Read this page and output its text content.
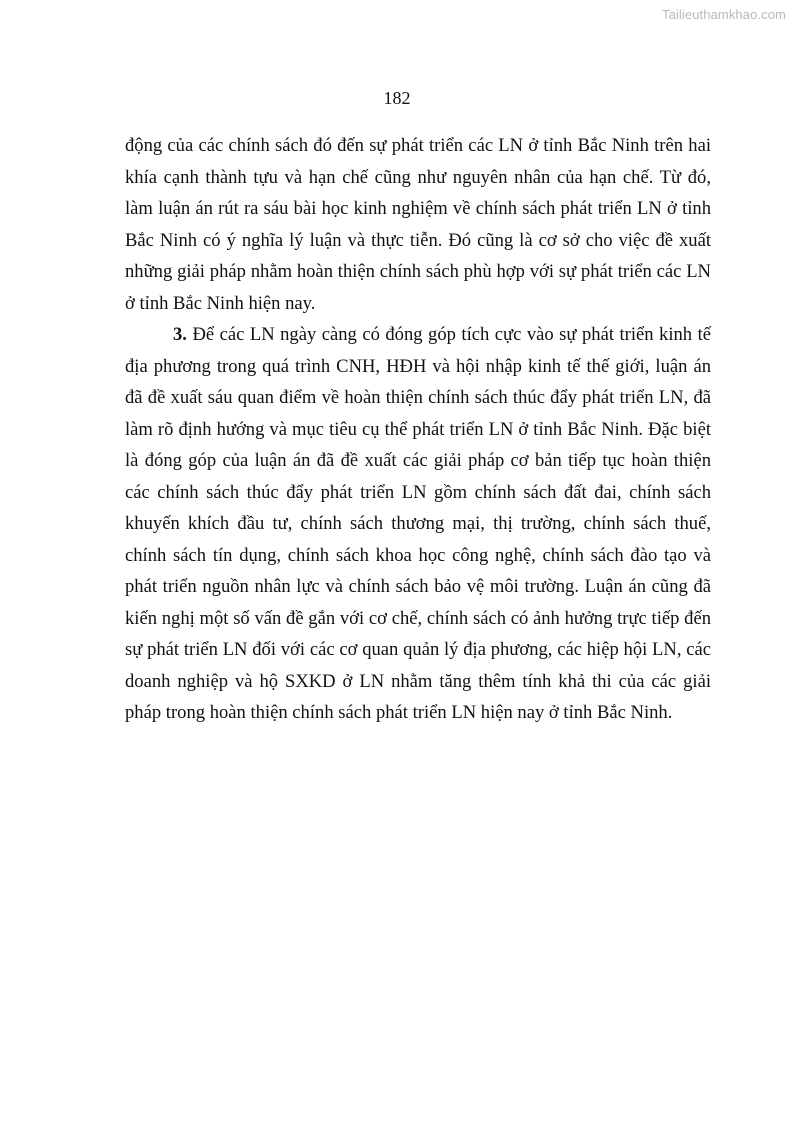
Tailieuthamkhao.com
182

động của các chính sách đó đến sự phát triển các LN ở tỉnh Bắc Ninh trên hai khía cạnh thành tựu và hạn chế cũng như nguyên nhân của hạn chế. Từ đó, làm luận án rút ra sáu bài học kinh nghiệm về chính sách phát triển LN ở tỉnh Bắc Ninh có ý nghĩa lý luận và thực tiễn. Đó cũng là cơ sở cho việc đề xuất những giải pháp nhằm hoàn thiện chính sách phù hợp với sự phát triển các LN ở tỉnh Bắc Ninh hiện nay.

3. Để các LN ngày càng có đóng góp tích cực vào sự phát triển kinh tế địa phương trong quá trình CNH, HĐH và hội nhập kinh tế thế giới, luận án đã đề xuất sáu quan điểm về hoàn thiện chính sách thúc đẩy phát triển LN, đã làm rõ định hướng và mục tiêu cụ thể phát triển LN ở tỉnh Bắc Ninh. Đặc biệt là đóng góp của luận án đã đề xuất các giải pháp cơ bản tiếp tục hoàn thiện các chính sách thúc đẩy phát triển LN gồm chính sách đất đai, chính sách khuyến khích đầu tư, chính sách thương mại, thị trường, chính sách thuế, chính sách tín dụng, chính sách khoa học công nghệ, chính sách đào tạo và phát triển nguồn nhân lực và chính sách bảo vệ môi trường. Luận án cũng đã kiến nghị một số vấn đề gắn với cơ chế, chính sách có ảnh hưởng trực tiếp đến sự phát triển LN đối với các cơ quan quản lý địa phương, các hiệp hội LN, các doanh nghiệp và hộ SXKD ở LN nhằm tăng thêm tính khả thi của các giải pháp trong hoàn thiện chính sách phát triển LN hiện nay ở tỉnh Bắc Ninh.
